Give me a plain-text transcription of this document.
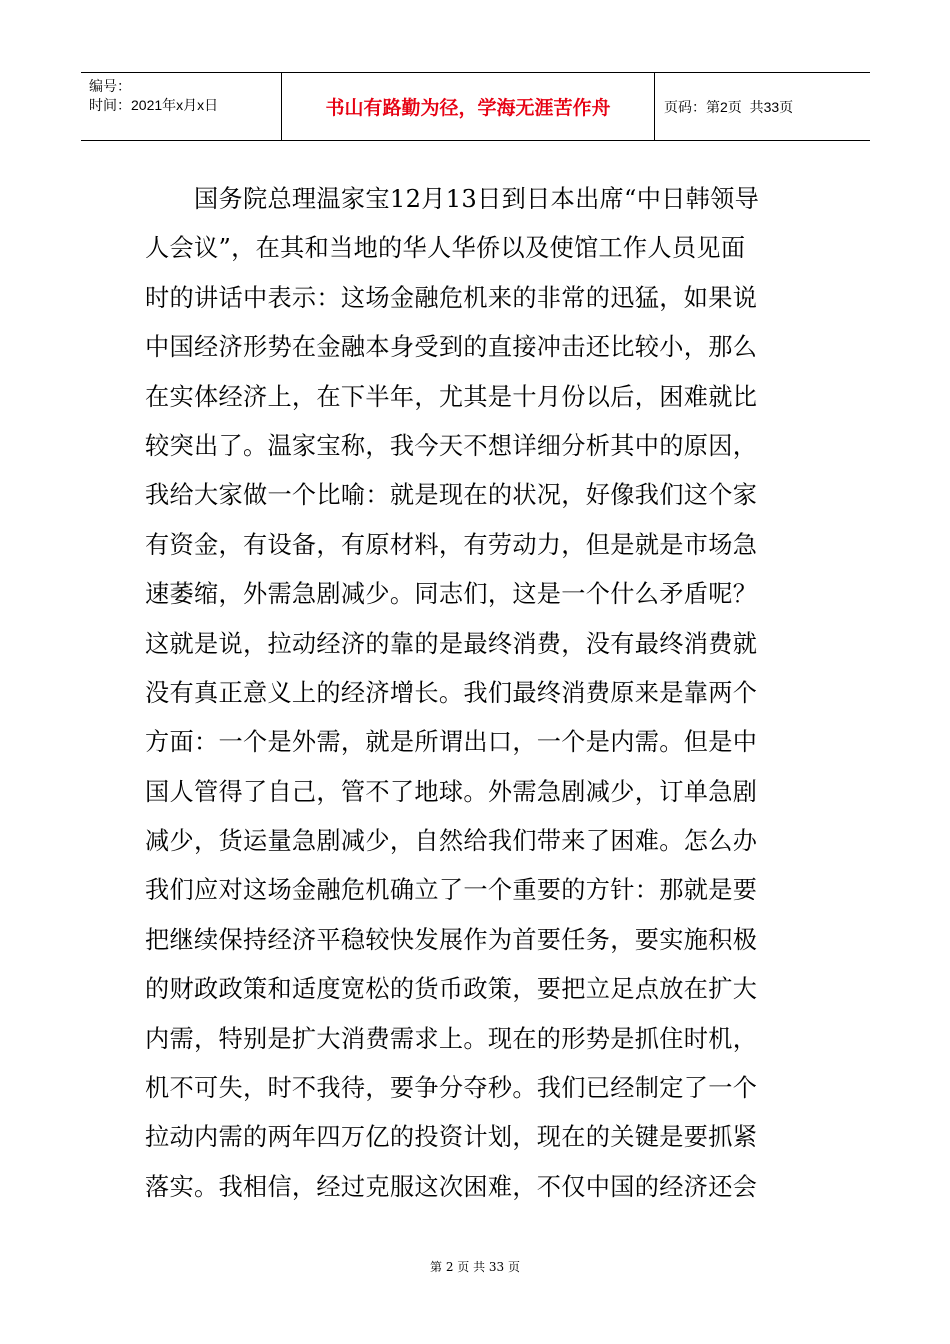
编号：
时间：2021年x月x日	书山有路勤为径，学海无涯苦作舟	页码：第 2 页  共 33 页
　　国务院总理温家宝12月13日到日本出席“中日韩领导
人会议”，在其和当地的华人华侨以及使馆工作人员见面
时的讲话中表示：这场金融危机来的非常的迅猛，如果说
中国经济形势在金融本身受到的直接冲击还比较小，那么
在实体经济上，在下半年，尤其是十月份以后，困难就比
较突出了。温家宝称，我今天不想详细分析其中的原因，
我给大家做一个比喻：就是现在的状况，好像我们这个家
有资金，有设备，有原材料，有劳动力，但是就是市场急
速萎缩，外需急剧减少。同志们，这是一个什么矛盾呢？
这就是说，拉动经济的靠的是最终消费，没有最终消费就
没有真正意义上的经济增长。我们最终消费原来是靠两个
方面：一个是外需，就是所谓出口，一个是内需。但是中
国人管得了自己，管不了地球。外需急剧减少，订单急剧
减少，货运量急剧减少，自然给我们带来了困难。怎么办
我们应对这场金融危机确立了一个重要的方针：那就是要
把继续保持经济平稳较快发展作为首要任务，要实施积极
的财政政策和适度宽松的货币政策，要把立足点放在扩大
内需，特别是扩大消费需求上。现在的形势是抓住时机，
机不可失，时不我待，要争分夺秒。我们已经制定了一个
拉动内需的两年四万亿的投资计划，现在的关键是要抓紧
落实。我相信，经过克服这次困难，不仅中国的经济还会
第 2 页 共 33 页
